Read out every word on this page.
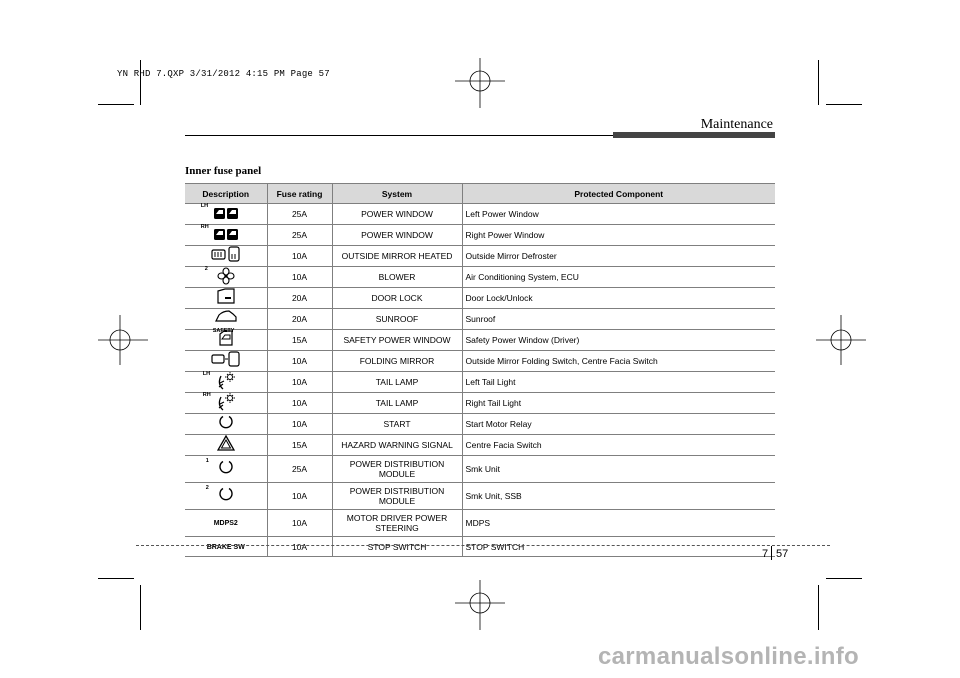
YN RHD 7.QXP 3/31/2012 4:15 PM Page 57
Maintenance
Inner fuse panel
Description	Fuse rating	System	Protected Component

LH	25A	POWER WINDOW	Left Power Window

RH	25A	POWER WINDOW	Right Power Window

	10A	OUTSIDE MIRROR HEATED	Outside Mirror Defroster

2	10A	BLOWER	Air Conditioning System, ECU

	20A	DOOR LOCK	Door Lock/Unlock

	20A	SUNROOF	Sunroof

SAFETY	15A	SAFETY POWER WINDOW	Safety Power Window (Driver)

	10A	FOLDING MIRROR	Outside Mirror Folding Switch, Centre Facia Switch

LH	10A	TAIL LAMP	Left Tail Light

RH	10A	TAIL LAMP	Right Tail Light

	10A	START	Start Motor Relay

	15A	HAZARD WARNING SIGNAL	Centre Facia Switch

1	25A	POWER DISTRIBUTION MODULE	Smk Unit

2	10A	POWER DISTRIBUTION MODULE	Smk Unit, SSB
MDPS2	10A	MOTOR DRIVER POWER STEERING	MDPS
BRAKE SW	10A	STOP SWITCH	STOP SWITCH
7 57
carmanualsonline.info
